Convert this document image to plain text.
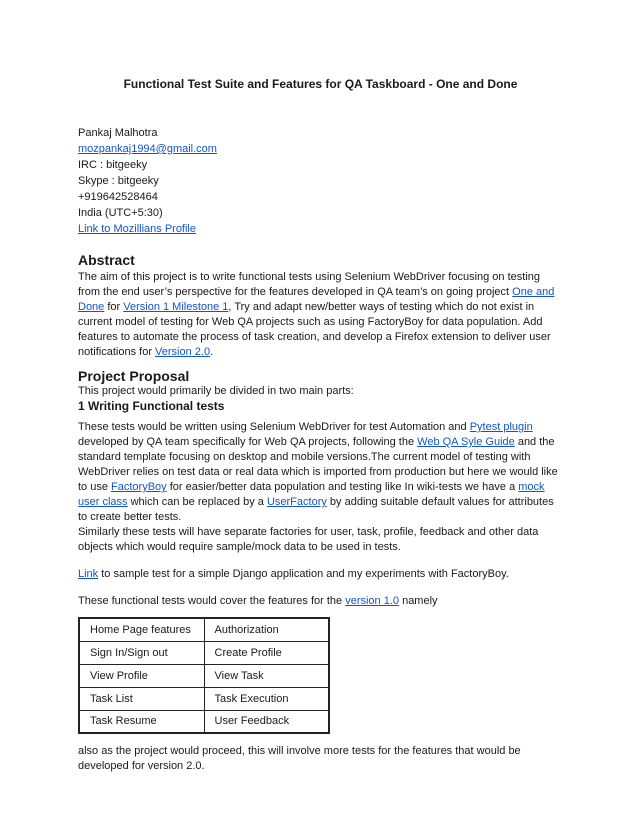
Functional Test Suite and Features for QA Taskboard - One and Done
Pankaj Malhotra
mozpankaj1994@gmail.com
IRC : bitgeeky
Skype : bitgeeky
+919642528464
India (UTC+5:30)
Link to Mozillians Profile
Abstract
The aim of this project is to write functional tests using Selenium WebDriver focusing on testing from the end user’s perspective for the features developed in QA team’s on going project One and Done for Version 1 Milestone 1, Try and adapt new/better ways of testing which do not exist in current model of testing for Web QA projects such as using FactoryBoy for data population. Add features to automate the process of task creation, and develop a Firefox extension to deliver user notifications for Version 2.0.
Project Proposal
This project would primarily be divided in two main parts:
1 Writing Functional tests
These tests would be written using Selenium WebDriver for test Automation and Pytest plugin developed by QA team specifically for Web QA projects, following the Web QA Syle Guide and the standard template focusing on desktop and mobile versions.The current model of testing with WebDriver relies on test data or real data which is imported from production but here we would like to use FactoryBoy for easier/better data population and testing like In wiki-tests we have a mock user class which can be replaced by a UserFactory by adding suitable default values for attributes to create better tests.
Similarly these tests will have separate factories for user, task, profile, feedback and other data objects which would require sample/mock data to be used in tests.
Link to sample test for a simple Django application and my experiments with FactoryBoy.
These functional tests would cover the features for the version 1.0 namely
Home Page features	Authorization
Sign In/Sign out	Create Profile
View Profile	View Task
Task List	Task Execution
Task Resume	User Feedback
also as the project would proceed, this will involve more tests for the features that would be developed for version 2.0.
